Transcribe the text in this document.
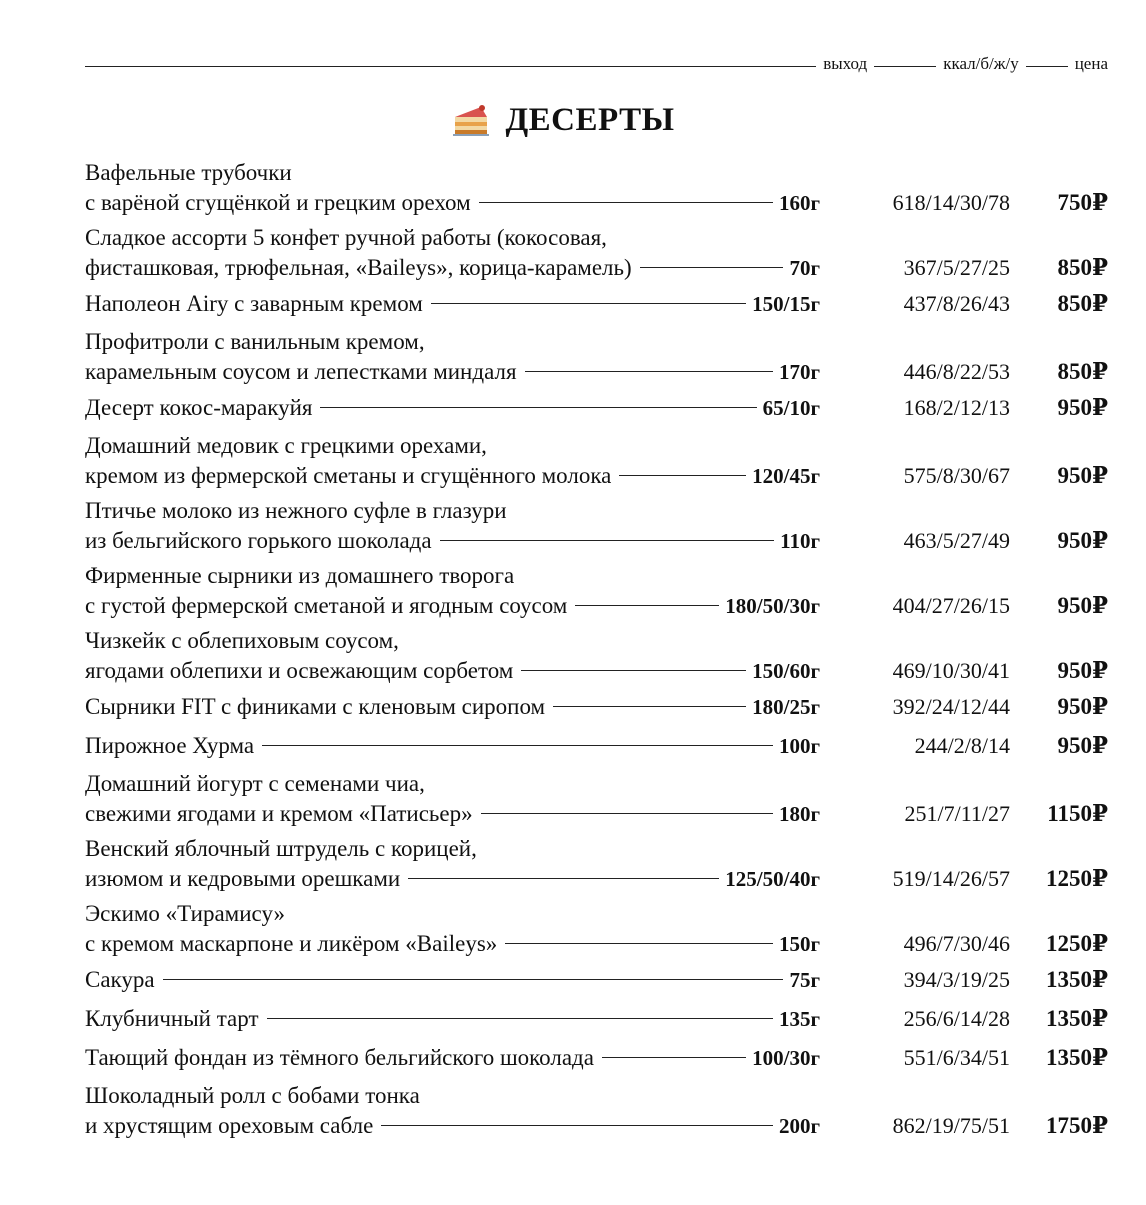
выход	ккал/б/ж/у	цена
ДЕСЕРТЫ
Вафельные трубочки
с варёной сгущёнкой и грецким орехом	160г	618/14/30/78	750₽
Сладкое ассорти 5 конфет ручной работы (кокосовая,
фисташковая, трюфельная, «Baileys», корица-карамель)	70г	367/5/27/25	850₽
Наполеон Airy с заварным кремом	150/15г	437/8/26/43	850₽
Профитроли с ванильным кремом,
карамельным соусом и лепестками миндаля	170г	446/8/22/53	850₽
Десерт кокос-маракуйя	65/10г	168/2/12/13	950₽
Домашний медовик с грецкими орехами,
кремом из фермерской сметаны и сгущённого молока	120/45г	575/8/30/67	950₽
Птичье молоко из нежного суфле в глазури
из бельгийского горького шоколада	110г	463/5/27/49	950₽
Фирменные сырники из домашнего творога
с густой фермерской сметаной и ягодным соусом	180/50/30г	404/27/26/15	950₽
Чизкейк с облепиховым соусом,
ягодами облепихи и освежающим сорбетом	150/60г	469/10/30/41	950₽
Сырники FIT с финиками с кленовым сиропом	180/25г	392/24/12/44	950₽
Пирожное Хурма	100г	244/2/8/14	950₽
Домашний йогурт с семенами чиа,
свежими ягодами и кремом «Патисьер»	180г	251/7/11/27	1150₽
Венский яблочный штрудель с корицей,
изюмом и кедровыми орешками	125/50/40г	519/14/26/57	1250₽
Эскимо «Тирамису»
с кремом маскарпоне и ликёром «Baileys»	150г	496/7/30/46	1250₽
Сакура	75г	394/3/19/25	1350₽
Клубничный тарт	135г	256/6/14/28	1350₽
Тающий фондан из тёмного бельгийского шоколада	100/30г	551/6/34/51	1350₽
Шоколадный ролл с бобами тонка
и хрустящим ореховым сабле	200г	862/19/75/51	1750₽
